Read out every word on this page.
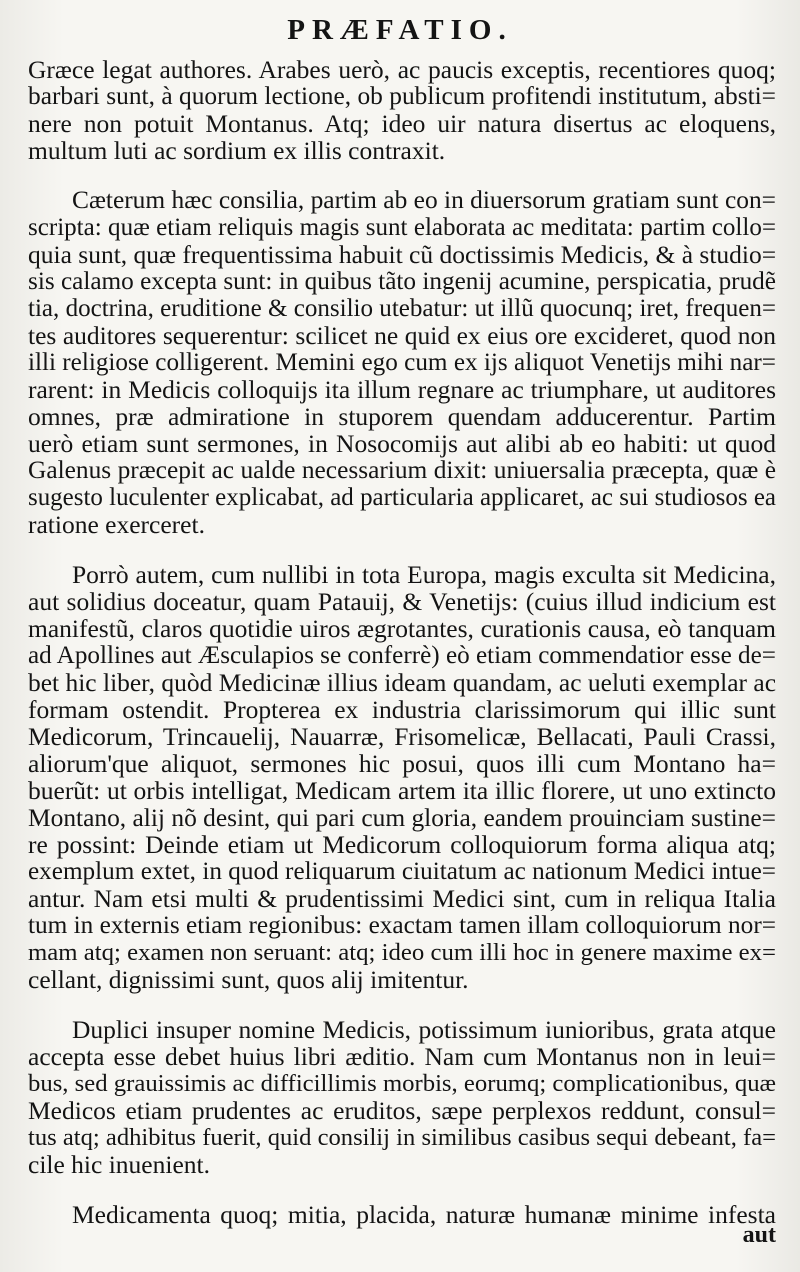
PRÆFATIO.
Græce legat authores. Arabes uerò, ac paucis exceptis, recentiores quoq;
barbari sunt, à quorum lectione, ob publicum profitendi institutum, absti=
nere non potuit Montanus. Atq; ideo uir natura disertus ac eloquens,
multum luti ac sordium ex illis contraxit.
Cæterum hæc consilia, partim ab eo in diuersorum gratiam sunt con=
scripta: quæ etiam reliquis magis sunt elaborata ac meditata: partim collo=
quia sunt, quæ frequentissima habuit cũ doctissimis Medicis, & à studio=
sis calamo excepta sunt: in quibus tãto ingenij acumine, perspicatia, prudẽ
tia, doctrina, eruditione & consilio utebatur: ut illũ quocunq; iret, frequen=
tes auditores sequerentur: scilicet ne quid ex eius ore excideret, quod non
illi religiose colligerent. Memini ego cum ex ijs aliquot Venetijs mihi nar=
rarent: in Medicis colloquijs ita illum regnare ac triumphare, ut auditores
omnes, præ admiratione in stuporem quendam adducerentur. Partim
uerò etiam sunt sermones, in Nosocomijs aut alibi ab eo habiti: ut quod
Galenus præcepit ac ualde necessarium dixit: uniuersalia præcepta, quæ è
sugesto luculenter explicabat, ad particularia applicaret, ac sui studiosos ea
ratione exerceret.
Porrò autem, cum nullibi in tota Europa, magis exculta sit Medicina,
aut solidius doceatur, quam Patauij, & Venetijs: (cuius illud indicium est
manifestũ, claros quotidie uiros ægrotantes, curationis causa, eò tanquam
ad Apollines aut Æsculapios se conferrè) eò etiam commendatior esse de=
bet hic liber, quòd Medicinæ illius ideam quandam, ac ueluti exemplar ac
formam ostendit. Propterea ex industria clarissimorum qui illic sunt
Medicorum, Trincauelij, Nauarræ, Frisomelicæ, Bellacati, Pauli Crassi,
aliorum'que aliquot, sermones hic posui, quos illi cum Montano ha=
buerũt: ut orbis intelligat, Medicam artem ita illic florere, ut uno extincto
Montano, alij nõ desint, qui pari cum gloria, eandem prouinciam sustine=
re possint: Deinde etiam ut Medicorum colloquiorum forma aliqua atq;
exemplum extet, in quod reliquarum ciuitatum ac nationum Medici intue=
antur. Nam etsi multi & prudentissimi Medici sint, cum in reliqua Italia
tum in externis etiam regionibus: exactam tamen illam colloquiorum nor=
mam atq; examen non seruant: atq; ideo cum illi hoc in genere maxime ex=
cellant, dignissimi sunt, quos alij imitentur.
Duplici insuper nomine Medicis, potissimum iunioribus, grata atque
accepta esse debet huius libri æditio. Nam cum Montanus non in leui=
bus, sed grauissimis ac difficillimis morbis, eorumq; complicationibus, quæ
Medicos etiam prudentes ac eruditos, sæpe perplexos reddunt, consul=
tus atq; adhibitus fuerit, quid consilij in similibus casibus sequi debeant, fa=
cile hic inuenient.
Medicamenta quoq; mitia, placida, naturæ humanæ minime infesta
aut
